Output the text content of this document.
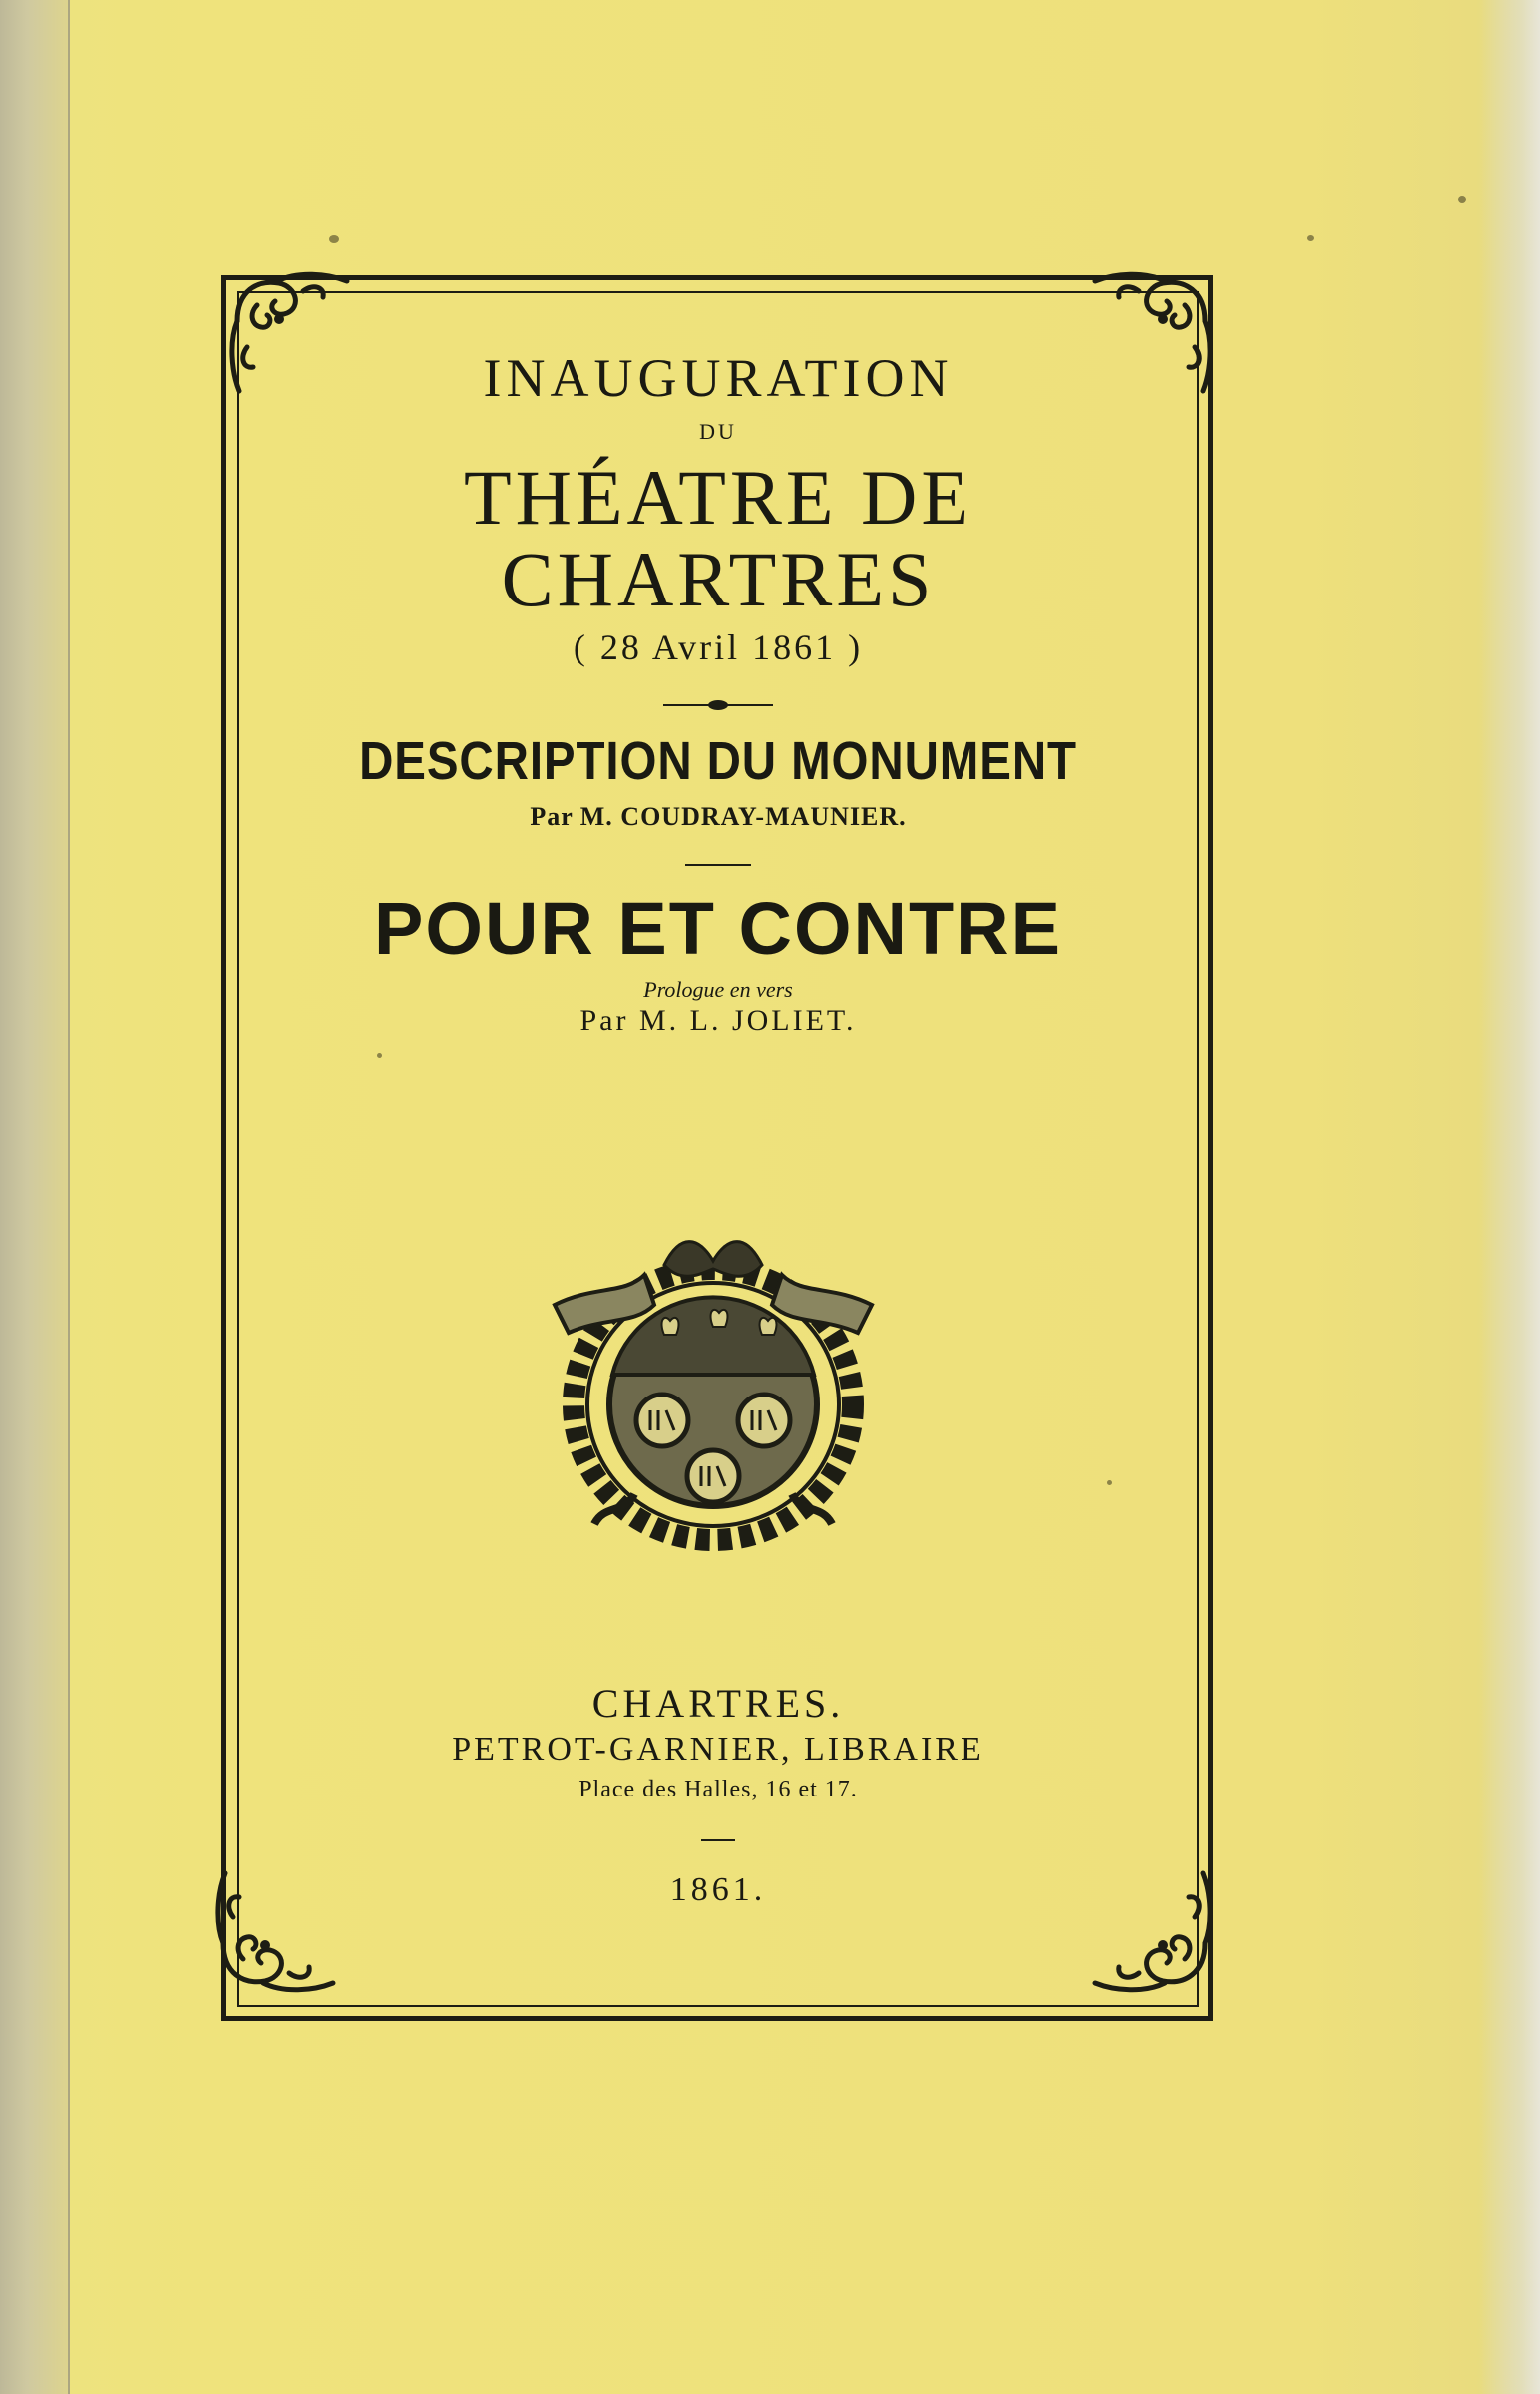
INAUGURATION
DU
THÉATRE DE CHARTRES
( 28 Avril 1861 )
DESCRIPTION DU MONUMENT
Par M. COUDRAY-MAUNIER.
POUR ET CONTRE
Prologue en vers
Par M. L. JOLIET.
CHARTRES.
PETROT-GARNIER, LIBRAIRE
Place des Halles, 16 et 17.
1861.
